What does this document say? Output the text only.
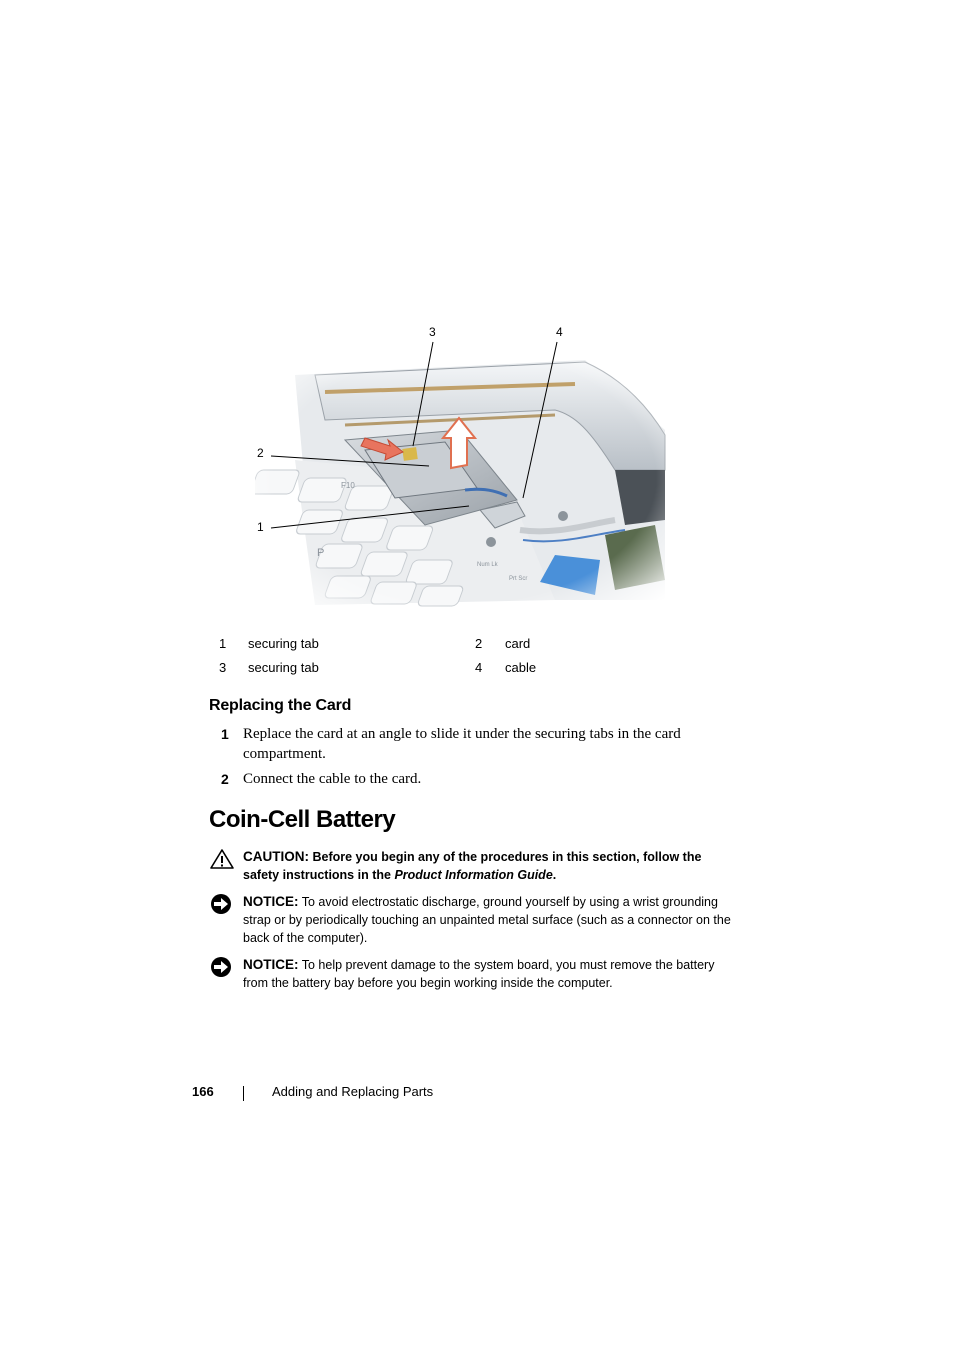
3	4
2
1
1	securing tab	2	card
3	securing tab	4	cable
Replacing the Card
1 Replace the card at an angle to slide it under the securing tabs in the card compartment.
2 Connect the cable to the card.
Coin-Cell Battery
CAUTION: Before you begin any of the procedures in this section, follow the safety instructions in the Product Information Guide.
NOTICE: To avoid electrostatic discharge, ground yourself by using a wrist grounding strap or by periodically touching an unpainted metal surface (such as a connector on the back of the computer).
NOTICE: To help prevent damage to the system board, you must remove the battery from the battery bay before you begin working inside the computer.
166	Adding and Replacing Parts
